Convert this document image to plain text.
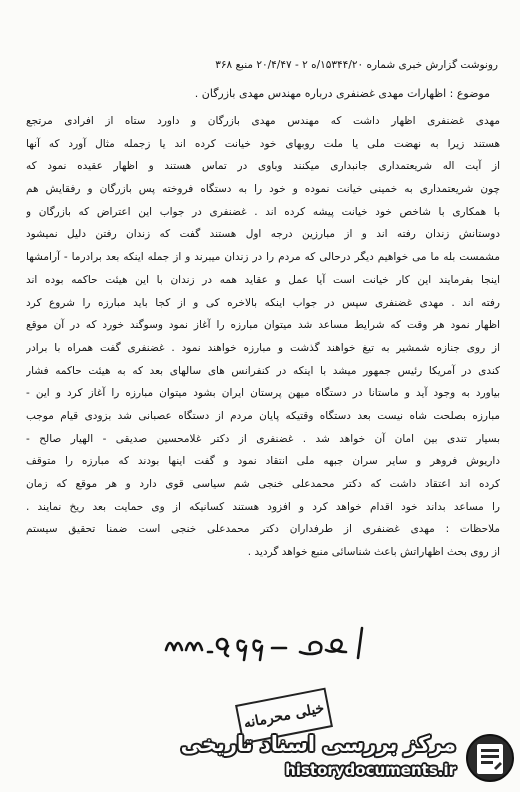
رونوشت گزارش خبری شماره ۱۵۳۴۴/۲۰/ه ۲ - ۲۰/۴/۴۷ منبع ۳۶۸
موضوع : اظهارات مهدی غضنفری درباره مهندس مهدی بازرگان .
مهدی غضنفری اظهار داشت که مهندس مهدی بازرگان و داورد ستاه از افرادی مرتجع
هستند زیرا به نهضت ملی یا ملت روبهای خود خیانت کرده اند یا زجمله مثال آورد که آنها
از آیت اله شریعتمداری جانبداری میکنند وباوی در تماس هستند و اظهار عقیده نمود که
چون شریعتمداری به خمینی خیانت نموده و خود را به دستگاه فروخته پس بازرگان و رفقایش هم
با همکاری با شاخص خود خیانت پیشه کرده اند . غضنفری در جواب این اعتراض که بازرگان و
دوستانش زندان رفته اند و از مبارزین درجه اول هستند گفت که زندان رفتن دلیل نمیشود
مشمست بله ما می خواهیم دیگر درحالی که مردم را در زندان میبرند و از جمله اینکه بعد برادرما - آرامشها
اینجا بفرمایند این کار خیانت است آیا عمل و عقاید همه در زندان با این هیئت حاکمه بوده اند
رفته اند . مهدی غضنفری سپس در جواب اینکه بالاخره کی و از کجا باید مبارزه را شروع کرد
اظهار نمود هر وقت که شرایط مساعد شد میتوان مبارزه را آغاز نمود وسوگند خورد که در آن موقع
از روی جنازه شمشیر به تیغ خواهند گذشت و مبارزه خواهند نمود . غضنفری گفت همراه با برادر
کندی در آمریکا رئیس جمهور میشد با اینکه در کنفرانس های سالهای بعد که به هیئت حاکمه فشار
بیاورد به وجود آید و ماستانا در دستگاه میهن پرستان ایران بشود میتوان مبارزه را آغاز کرد و این -
مبارزه بصلحت شاه نیست بعد دستگاه وقتیکه پایان مردم از دستگاه عصبانی شد بزودی قیام موجب
بسیار تندی بین امان آن خواهد شد . غضنفری از دکتر غلامحسین صدیقی - الهیار صالح -
داریوش فروهر و سایر سران جبهه ملی انتقاد نمود و گفت اینها بودند که مبارزه را متوقف
کرده اند اعتقاد داشت که دکتر محمدعلی خنجی شم سیاسی قوی دارد و هر موقع که زمان
را مساعد بداند خود اقدام خواهد کرد و افزود هستند کسانیکه از وی حمایت بعد ریخ نمایند .
ملاحظات : مهدی غضنفری از طرفداران دکتر محمدعلی خنجی است ضمنا تحقیق سیستم
از روی بحث اظهاراتش باعث شناسائی منبع خواهد گردید .
خیلی محرمانه
مرکز بررسی اسناد تاریخی
historydocuments.ir
